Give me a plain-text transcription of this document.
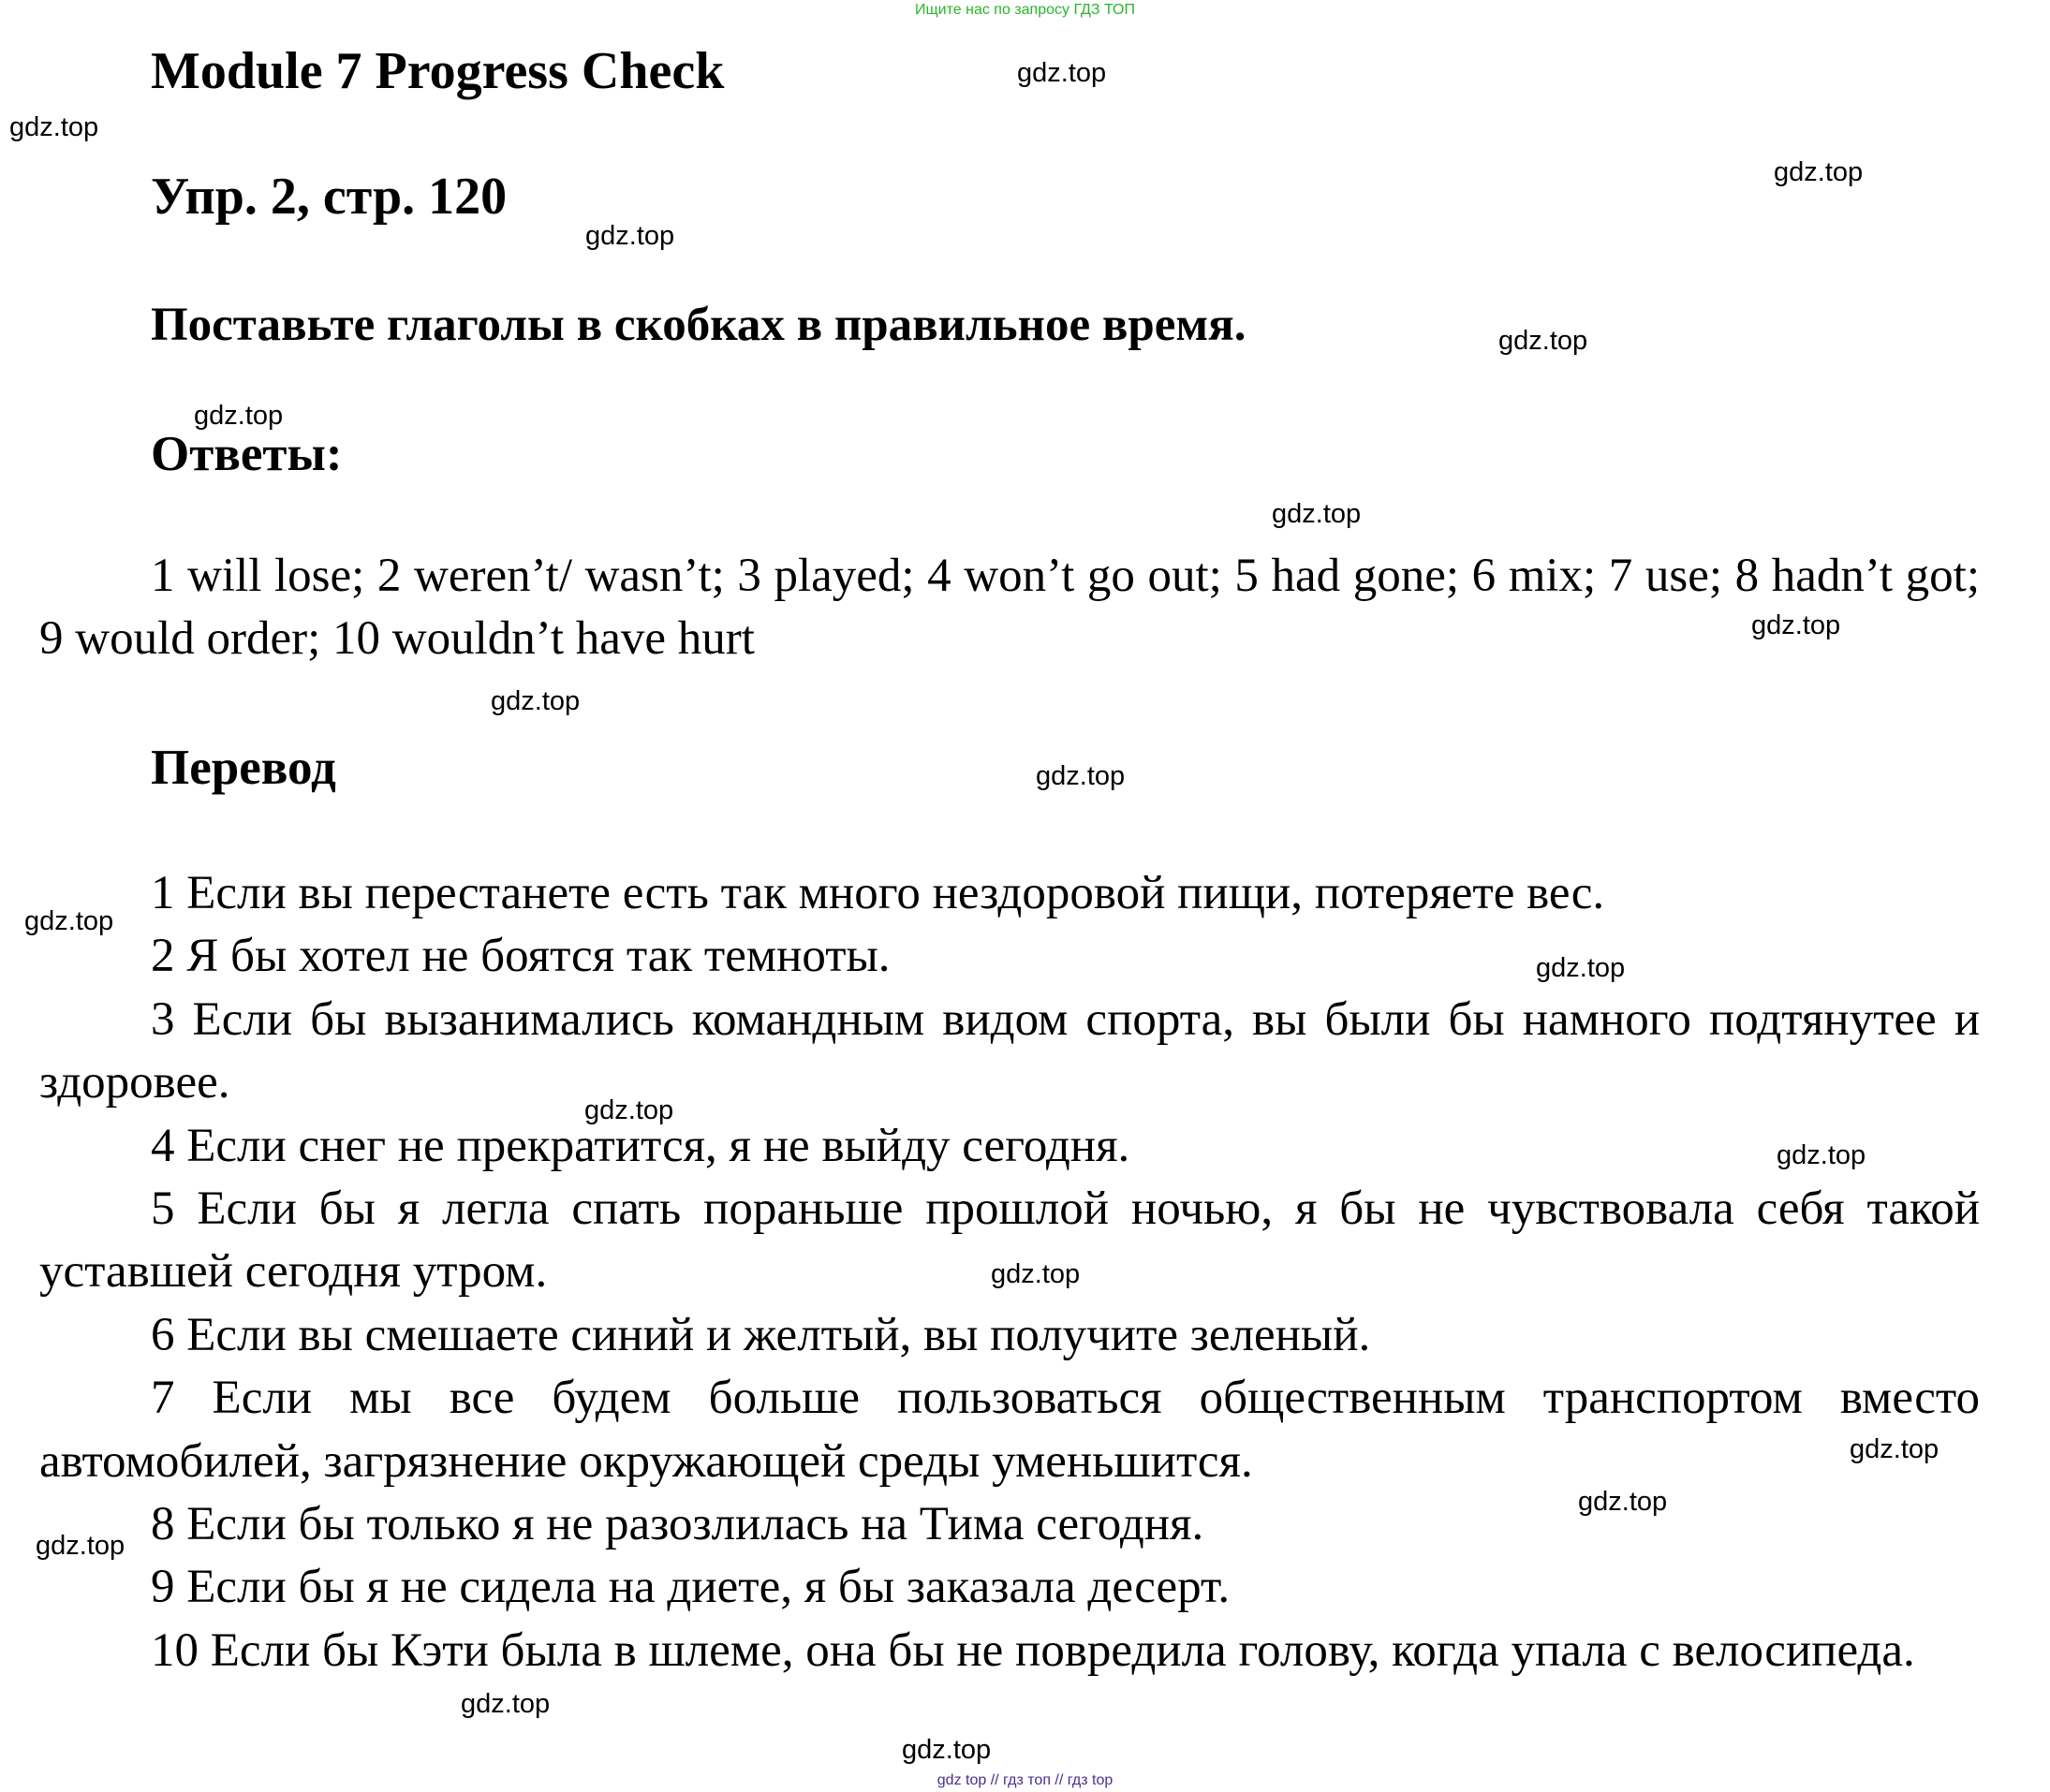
Ищите нас по запросу ГДЗ ТОП
Module 7 Progress Check
Упр. 2, стр. 120
Поставьте глаголы в скобках в правильное время.
Ответы:

1 will lose; 2 weren’t/ wasn’t; 3 played; 4 won’t go out; 5 had gone; 6 mix; 7 use; 8 hadn’t got; 9 would order; 10 wouldn’t have hurt

Перевод

1 Если вы перестанете есть так много нездоровой пищи, потеряете вес.

2 Я бы хотел не боятся так темноты.

3 Если бы вызанимались командным видом спорта, вы были бы намного подтянутее и здоровее.

4 Если снег не прекратится, я не выйду сегодня.

5 Если бы я легла спать пораньше прошлой ночью, я бы не чувствовала себя такой уставшей сегодня утром.

6 Если вы смешаете синий и желтый, вы получите зеленый.

7 Если мы все будем больше пользоваться общественным транспортом вместо автомобилей, загрязнение окружающей среды уменьшится.

8 Если бы только я не разозлилась на Тима сегодня.

9 Если бы я не сидела на диете, я бы заказала десерт.

10 Если бы Кэти была в шлеме, она бы не повредила голову, когда упала с велосипеда.

gdz.top
gdz.top
gdz.top
gdz.top
gdz.top
gdz.top
gdz.top
gdz.top
gdz.top
gdz.top
gdz.top
gdz.top
gdz.top
gdz.top
gdz.top
gdz.top
gdz.top
gdz.top
gdz.top
gdz.top
gdz top // гдз топ // гдз top
